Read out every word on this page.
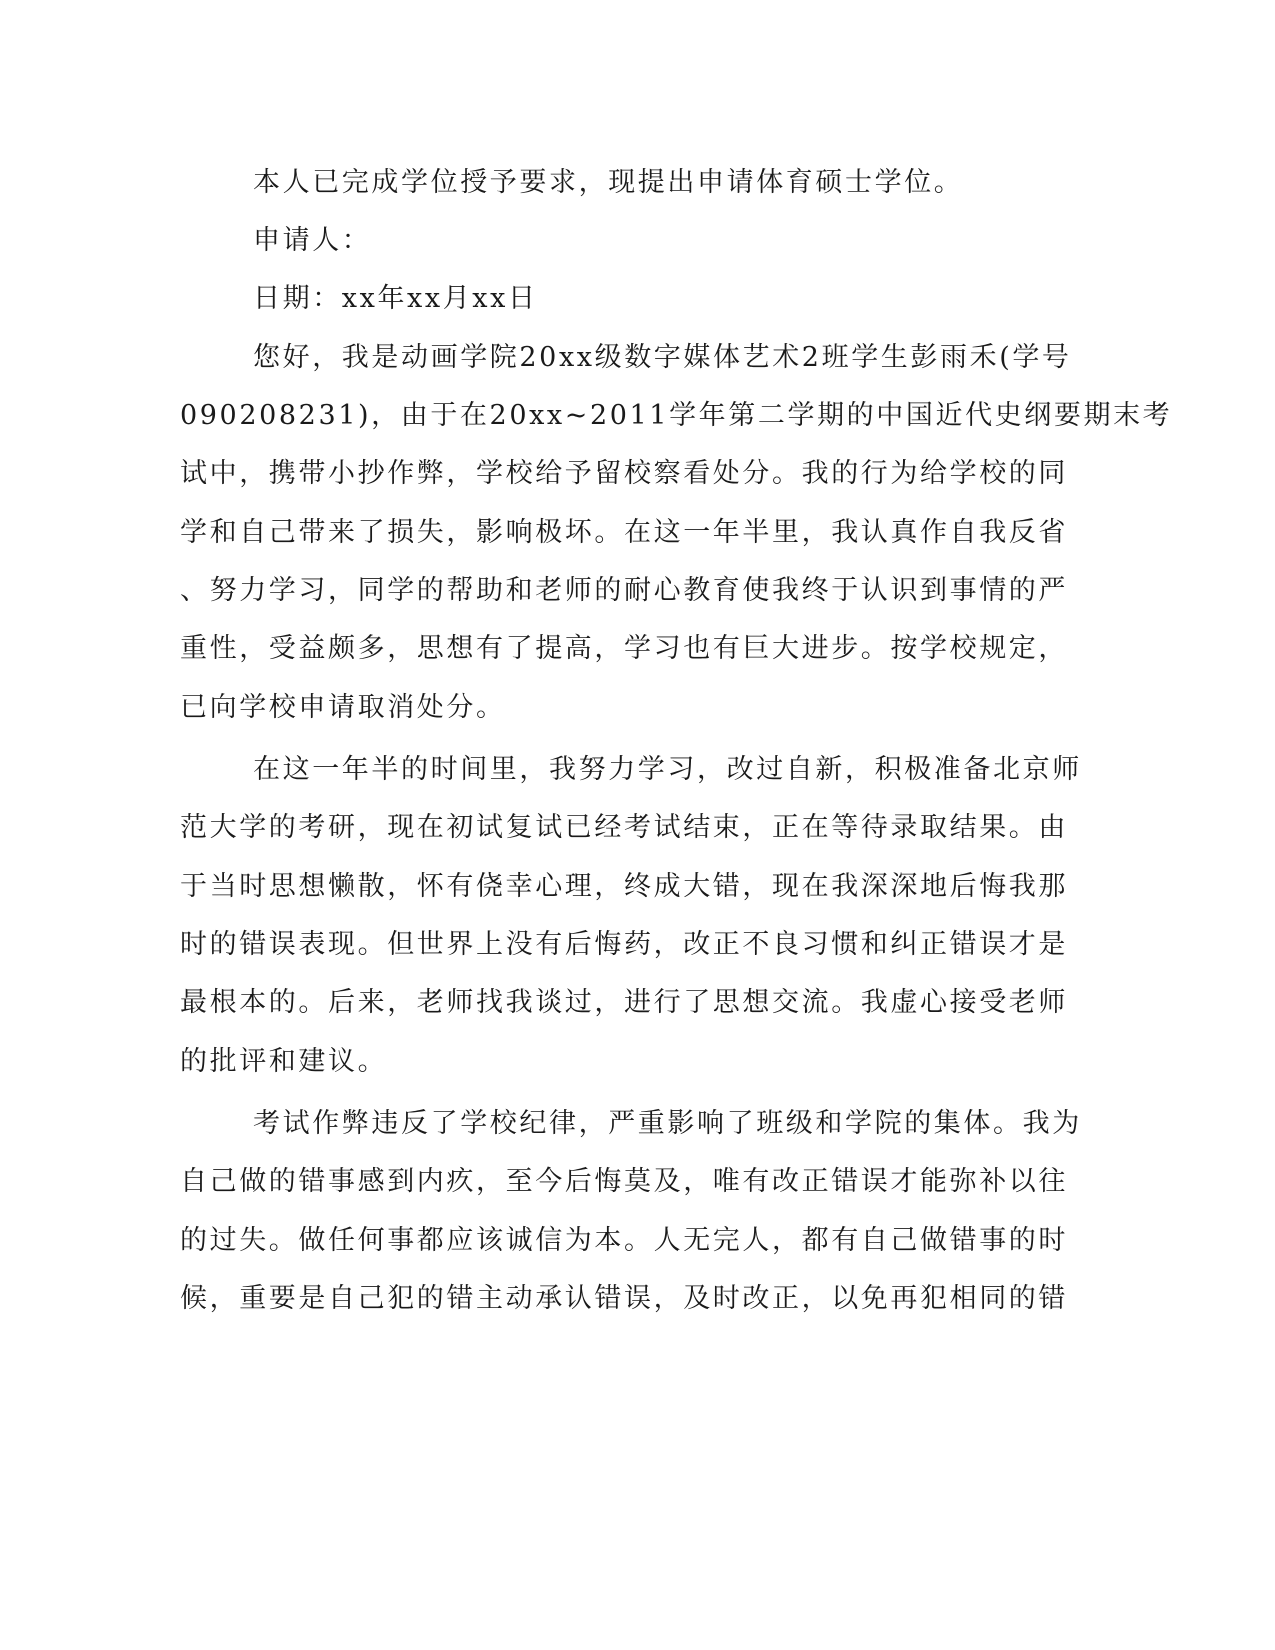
本人已完成学位授予要求，现提出申请体育硕士学位。
申请人：
日期：xx年xx月xx日
您好，我是动画学院20xx级数字媒体艺术2班学生彭雨禾(学号
090208231)，由于在20xx~2011学年第二学期的中国近代史纲要期末考
试中，携带小抄作弊，学校给予留校察看处分。我的行为给学校的同
学和自己带来了损失，影响极坏。在这一年半里，我认真作自我反省
、努力学习，同学的帮助和老师的耐心教育使我终于认识到事情的严
重性，受益颇多，思想有了提高，学习也有巨大进步。按学校规定，
已向学校申请取消处分。
在这一年半的时间里，我努力学习，改过自新，积极准备北京师
范大学的考研，现在初试复试已经考试结束，正在等待录取结果。由
于当时思想懒散，怀有侥幸心理，终成大错，现在我深深地后悔我那
时的错误表现。但世界上没有后悔药，改正不良习惯和纠正错误才是
最根本的。后来，老师找我谈过，进行了思想交流。我虚心接受老师
的批评和建议。
考试作弊违反了学校纪律，严重影响了班级和学院的集体。我为
自己做的错事感到内疚，至今后悔莫及，唯有改正错误才能弥补以往
的过失。做任何事都应该诚信为本。人无完人，都有自己做错事的时
候，重要是自己犯的错主动承认错误，及时改正，以免再犯相同的错
